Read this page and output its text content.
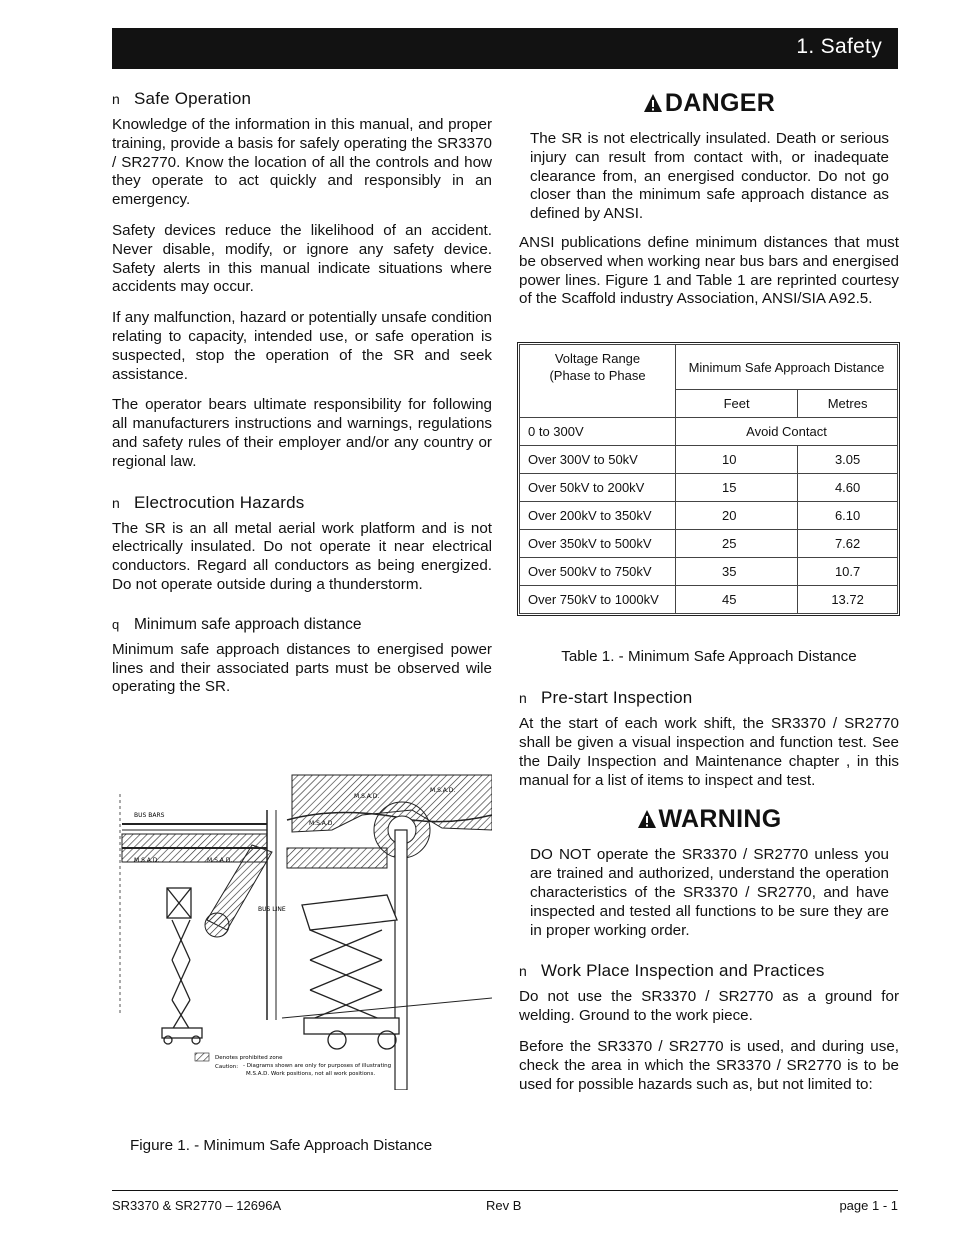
1. Safety
n Safe Operation

Knowledge of the information in this manual, and proper training, provide a basis for safely operating the SR3370 / SR2770. Know the location of all the controls and how they operate to act quickly and responsibly in an emergency.

Safety devices reduce the likelihood of an accident. Never disable, modify, or ignore any safety device. Safety alerts in this manual indicate situations where accidents may occur.

If any malfunction, hazard or potentially unsafe condition relating to capacity, intended use, or safe operation is suspected, stop the operation of the SR and seek assistance.

The operator bears ultimate responsibility for following all manufacturers instructions and warnings, regulations and safety rules of their employer and/or any country or regional law.

n Electrocution Hazards

The SR is an all metal aerial work platform and is not electrically insulated. Do not operate it near electrical conductors. Regard all conductors as being energized. Do not operate outside during a thunderstorm.

q Minimum safe approach distance

Minimum safe approach distances to energised power lines and their associated parts must be observed wile operating the SR.

BUS BARS
M.S.A.D.	M.S.A.D.
BUS LINE
M.S.A.D.
M.S.A.D.
M.S.A.D.
Denotes prohibited zone
Caution: - Diagrams shown are only for purposes of illustrating
M.S.A.D. Work positions, not all work positions.
Figure 1. - Minimum Safe Approach Distance
DANGER

The SR is not electrically insulated. Death or serious injury can result from contact with, or inadequate clearance from, an energised conductor. Do not go closer than the minimum safe approach distance as defined by ANSI.

ANSI publications define minimum distances that must be observed when working near bus bars and energised power lines. Figure 1 and Table 1 are reprinted courtesy of the Scaffold industry Association, ANSI/SIA A92.5.

Voltage Range
(Phase to Phase	Minimum Safe Approach Distance	
	Feet	Metres
0 to 300V	Avoid Contact	
Over 300V to 50kV	10	3.05
Over 50kV to 200kV	15	4.60
Over 200kV to 350kV	20	6.10
Over 350kV to 500kV	25	7.62
Over 500kV to 750kV	35	10.7
Over 750kV to 1000kV	45	13.72
Table 1. - Minimum Safe Approach Distance
n Pre-start Inspection

At the start of each work shift, the SR3370 / SR2770 shall be given a visual inspection and function test. See the Daily Inspection and Maintenance chapter , in this manual for a list of items to inspect and test.

WARNING

DO NOT operate the SR3370 / SR2770 unless you are trained and authorized, understand the operation characteristics of the SR3370 / SR2770, and have inspected and tested all functions to be sure they are in proper working order.

n Work Place Inspection and Practices

Do not use the SR3370 / SR2770 as a ground for welding. Ground to the work piece.

Before the SR3370 / SR2770 is used, and during use, check the area in which the SR3370 / SR2770 is to be used for possible hazards such as, but not limited to:

SR3370 & SR2770 – 12696A	Rev B	page 1 - 1
